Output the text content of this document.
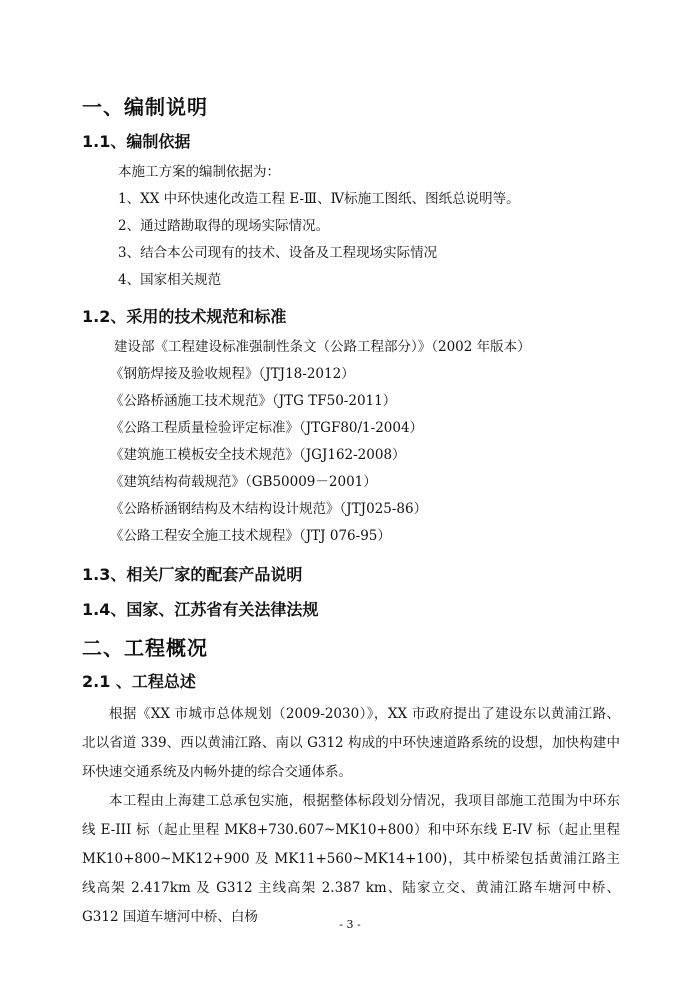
一、编制说明
1.1、编制依据
本施工方案的编制依据为：
1、XX 中环快速化改造工程 E-Ⅲ、Ⅳ标施工图纸、图纸总说明等。
2、通过踏勘取得的现场实际情况。
3、结合本公司现有的技术、设备及工程现场实际情况
4、国家相关规范
1.2、采用的技术规范和标准
建设部《工程建设标准强制性条文（公路工程部分）》（2002 年版本）
《钢筋焊接及验收规程》（JTJ18-2012）
《公路桥涵施工技术规范》（JTG TF50-2011）
《公路工程质量检验评定标准》（JTGF80/1-2004）
《建筑施工模板安全技术规范》（JGJ162-2008）
《建筑结构荷载规范》（GB50009－2001）
《公路桥涵钢结构及木结构设计规范》（JTJ025-86）
《公路工程安全施工技术规程》（JTJ 076-95）
1.3、相关厂家的配套产品说明
1.4、国家、江苏省有关法律法规
二、工程概况
2.1 、工程总述

根据《XX 市城市总体规划（2009-2030）》，XX 市政府提出了建设东以黄浦江路、北以省道 339、西以黄浦江路、南以 G312 构成的中环快速道路系统的设想，加快构建中环快速交通系统及内畅外捷的综合交通体系。

本工程由上海建工总承包实施，根据整体标段划分情况，我项目部施工范围为中环东线 E-III 标（起止里程 MK8+730.607~MK10+800）和中环东线 E-IV 标（起止里程 MK10+800~MK12+900 及 MK11+560~MK14+100)，其中桥梁包括黄浦江路主线高架 2.417km 及 G312 主线高架 2.387 km、陆家立交、黄浦江路车塘河中桥、G312 国道车塘河中桥、白杨	- 3 -
